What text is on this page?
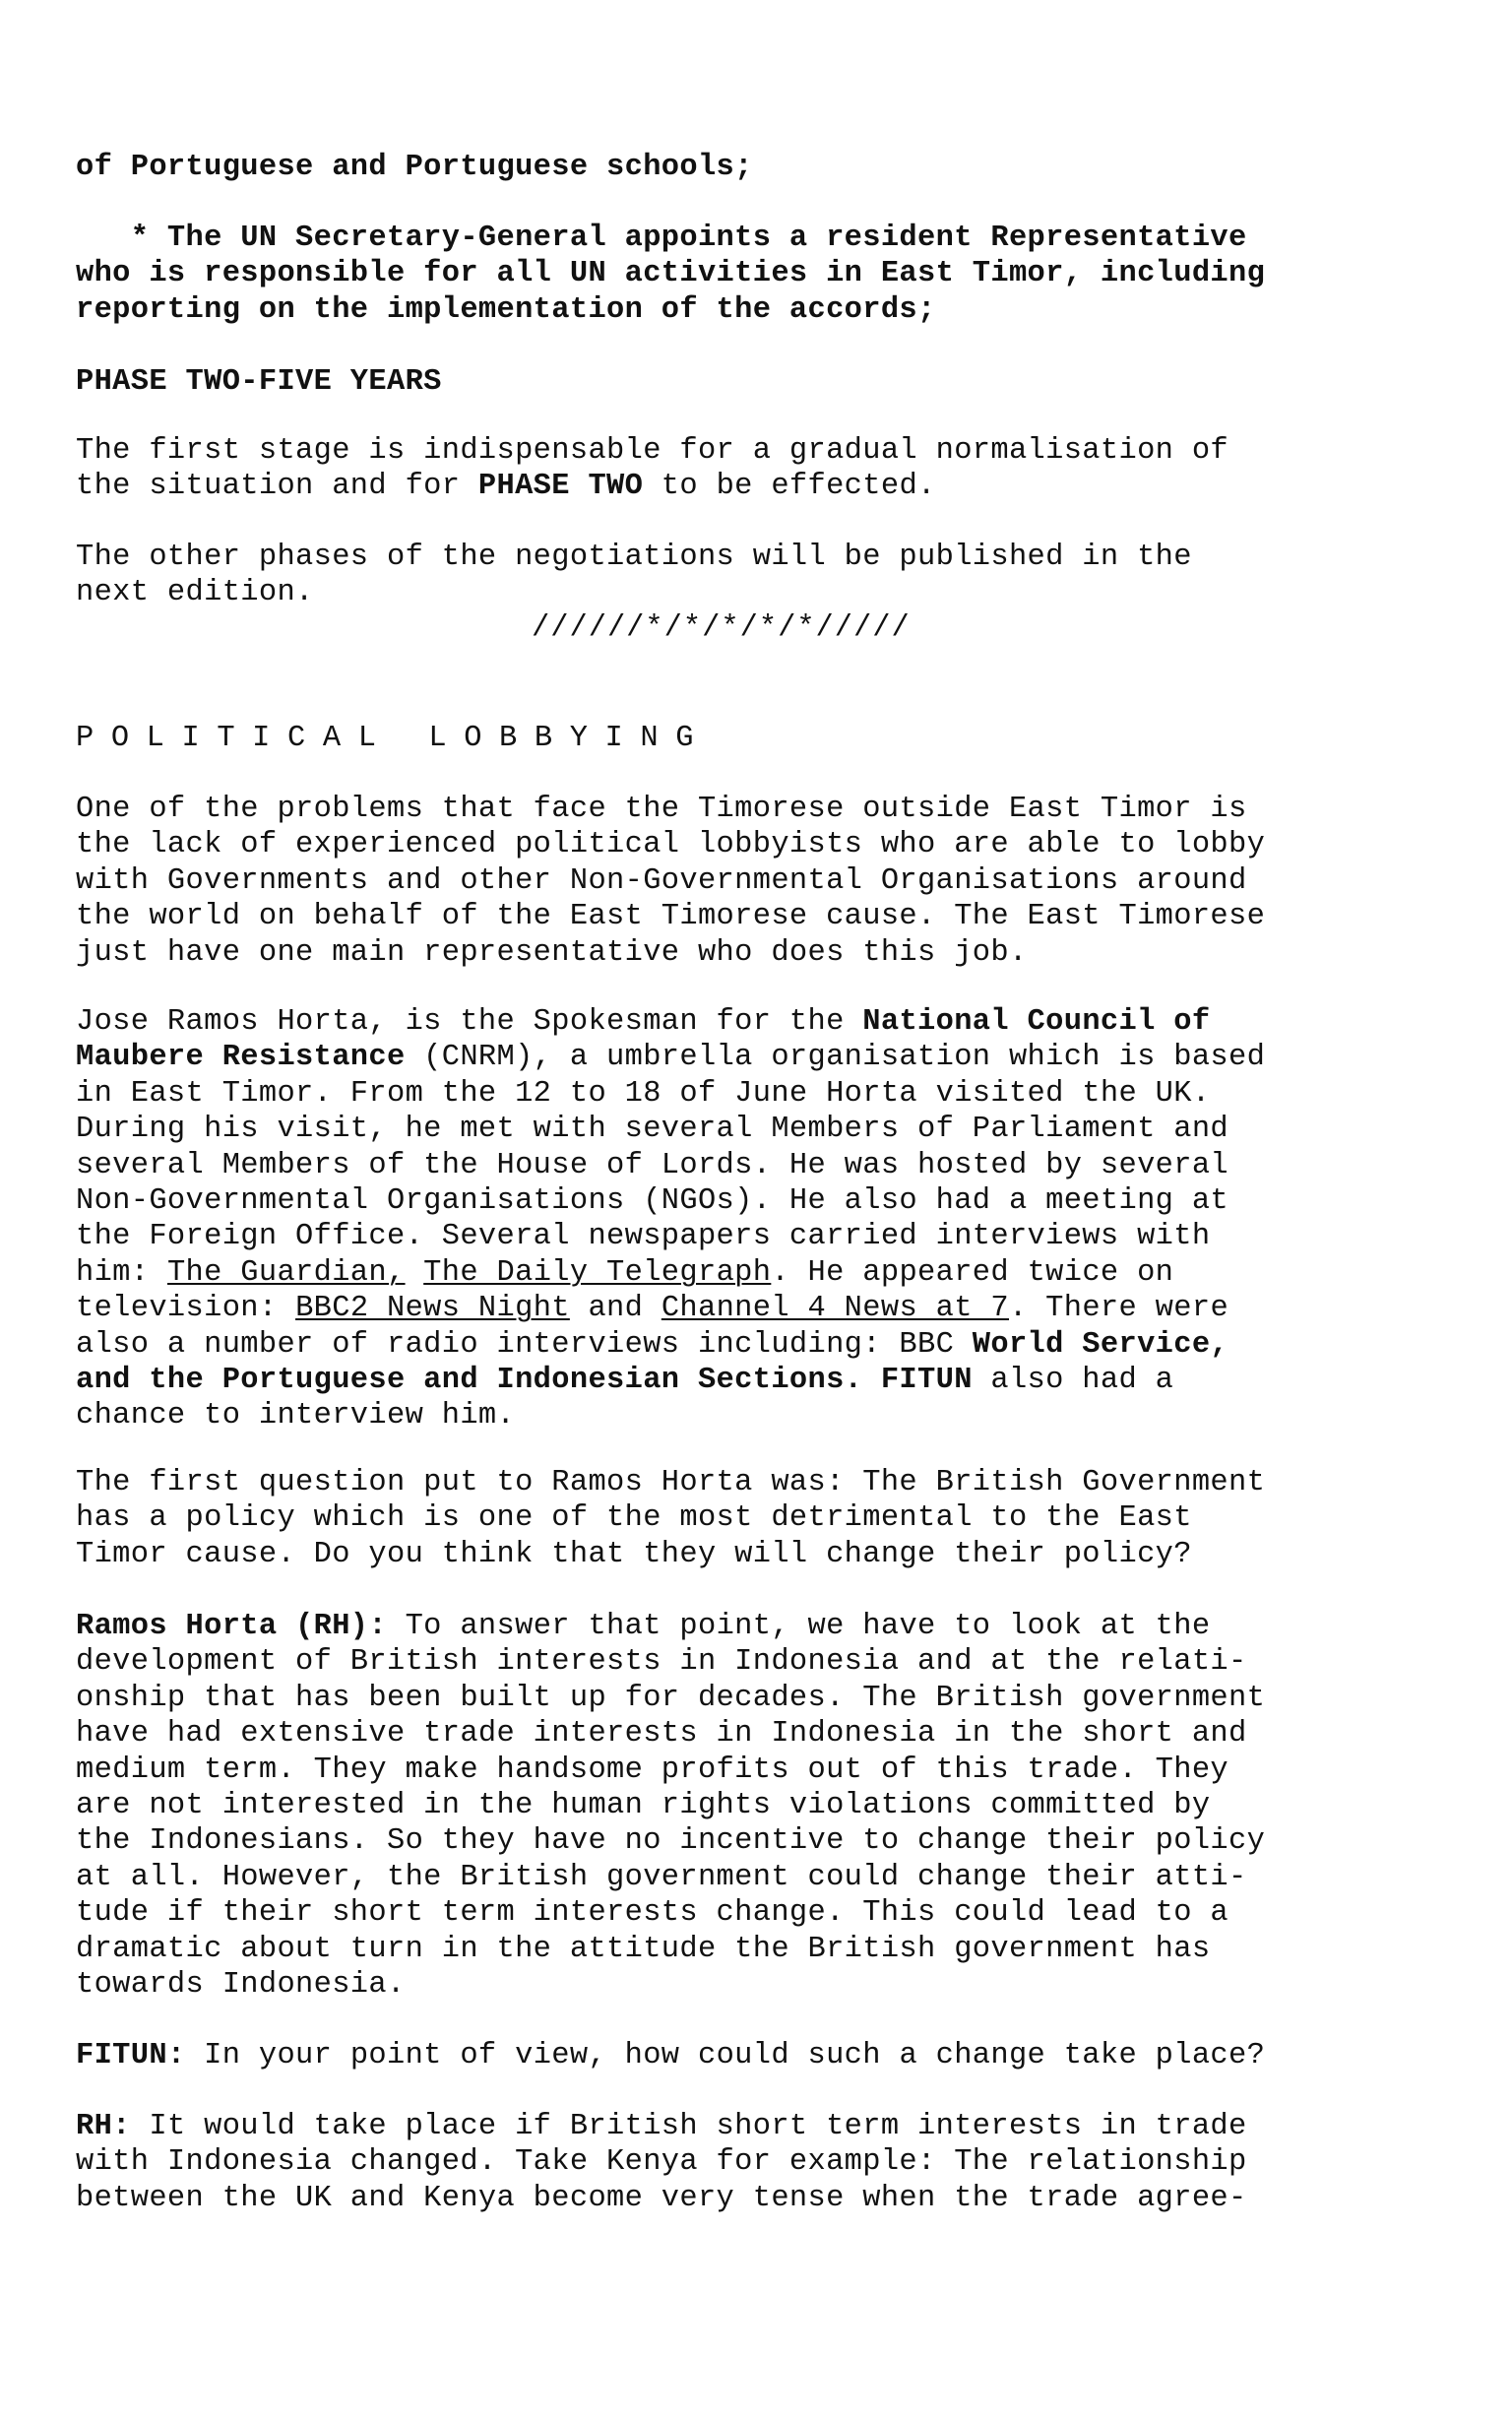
of Portuguese and Portuguese schools;
* The UN Secretary-General appoints a resident Representative
who is responsible for all UN activities in East Timor, including
reporting on the implementation of the accords;
PHASE TWO-FIVE YEARS
The first stage is indispensable for a gradual normalisation of
the situation and for PHASE TWO to be effected.
The other phases of the negotiations will be published in the
next edition.
//////*/*/*/*/*/////
POLITICAL LOBBYING
One of the problems that face the Timorese outside East Timor is
the lack of experienced political lobbyists who are able to lobby
with Governments and other Non-Governmental Organisations around
the world on behalf of the East Timorese cause. The East Timorese
just have one main representative who does this job.
Jose Ramos Horta, is the Spokesman for the National Council of
Maubere Resistance (CNRM), a umbrella organisation which is based
in East Timor. From the 12 to 18 of June Horta visited the UK.
During his visit, he met with several Members of Parliament and
several Members of the House of Lords. He was hosted by several
Non-Governmental Organisations (NGOs). He also had a meeting at
the Foreign Office. Several newspapers carried interviews with
him: The Guardian, The Daily Telegraph. He appeared twice on
television: BBC2 News Night and Channel 4 News at 7. There were
also a number of radio interviews including: BBC World Service,
and the Portuguese and Indonesian Sections. FITUN also had a
chance to interview him.
The first question put to Ramos Horta was: The British Government
has a policy which is one of the most detrimental to the East
Timor cause. Do you think that they will change their policy?
Ramos Horta (RH): To answer that point, we have to look at the
development of British interests in Indonesia and at the relati-
onship that has been built up for decades. The British government
have had extensive trade interests in Indonesia in the short and
medium term. They make handsome profits out of this trade. They
are not interested in the human rights violations committed by
the Indonesians. So they have no incentive to change their policy
at all. However, the British government could change their atti-
tude if their short term interests change. This could lead to a
dramatic about turn in the attitude the British government has
towards Indonesia.
FITUN: In your point of view, how could such a change take place?
RH: It would take place if British short term interests in trade
with Indonesia changed. Take Kenya for example: The relationship
between the UK and Kenya become very tense when the trade agree-
